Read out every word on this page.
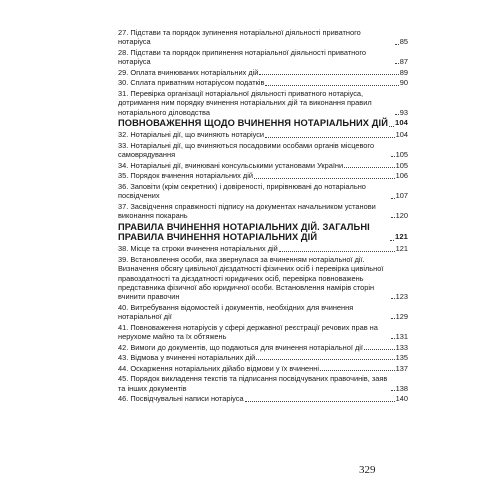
27. Підстави та порядок зупинення нотаріальної діяльності приватного нотаріуса	85
28. Підстави та порядок припинення нотаріальної діяльності приватного нотаріуса	87
29. Оплата вчинюваних нотаріальних дій	89
30. Сплата приватним нотаріусом податків	90
31. Перевірка організації нотаріальної діяльності приватного нотаріуса, дотримання ним порядку вчинення нотаріальних дій та виконання правил нотаріального діловодства	93
ПОВНОВАЖЕННЯ ЩОДО ВЧИНЕННЯ НОТАРІАЛЬНИХ ДІЙ 104
32. Нотаріальні дії, що вчиняють нотаріуси	104
33. Нотаріальні дії, що вчиняються посадовими особами органів місцевого самоврядування	105
34. Нотаріальні дії, вчинювані консульськими установами України	105
35. Порядок вчинення нотаріальних дій	106
36. Заповіти (крім секретних) і довіреності, прирівнювані до нотаріально посвідчених	107
37. Засвідчення справжності підпису на документах начальником установи виконання покарань	120
ПРАВИЛА ВЧИНЕННЯ НОТАРІАЛЬНИХ ДІЙ. ЗАГАЛЬНІ ПРАВИЛА ВЧИНЕННЯ НОТАРІАЛЬНИХ ДІЙ	121
38. Місце та строки вчинення нотаріальних дій	121
39. Встановлення особи, яка звернулася за вчиненням нотаріальної дії. Визначення обсягу цивільної дієздатності фізичних осіб і перевірка цивільної правоздатності та дієздатності юридичних осіб, перевірка повноважень представника фізичної або юридичної особи. Встановлення намірів сторін вчинити правочин	123
40. Витребування відомостей і документів, необхідних для вчинення нотаріальної дії	129
41. Повноваження нотаріусів у сфері державної реєстрації речових прав на нерухоме майно та їх обтяжень	131
42. Вимоги до документів, що подаються для вчинення нотаріальної дії	133
43. Відмова у вчиненні нотаріальних дій	135
44. Оскарження нотаріальних дійабо відмови у їх вчиненні	137
45. Порядок викладення текстів та підписання посвідчуваних правочинів, заяв та інших документів	138
46. Посвідчувальні написи нотаріуса	140
329
